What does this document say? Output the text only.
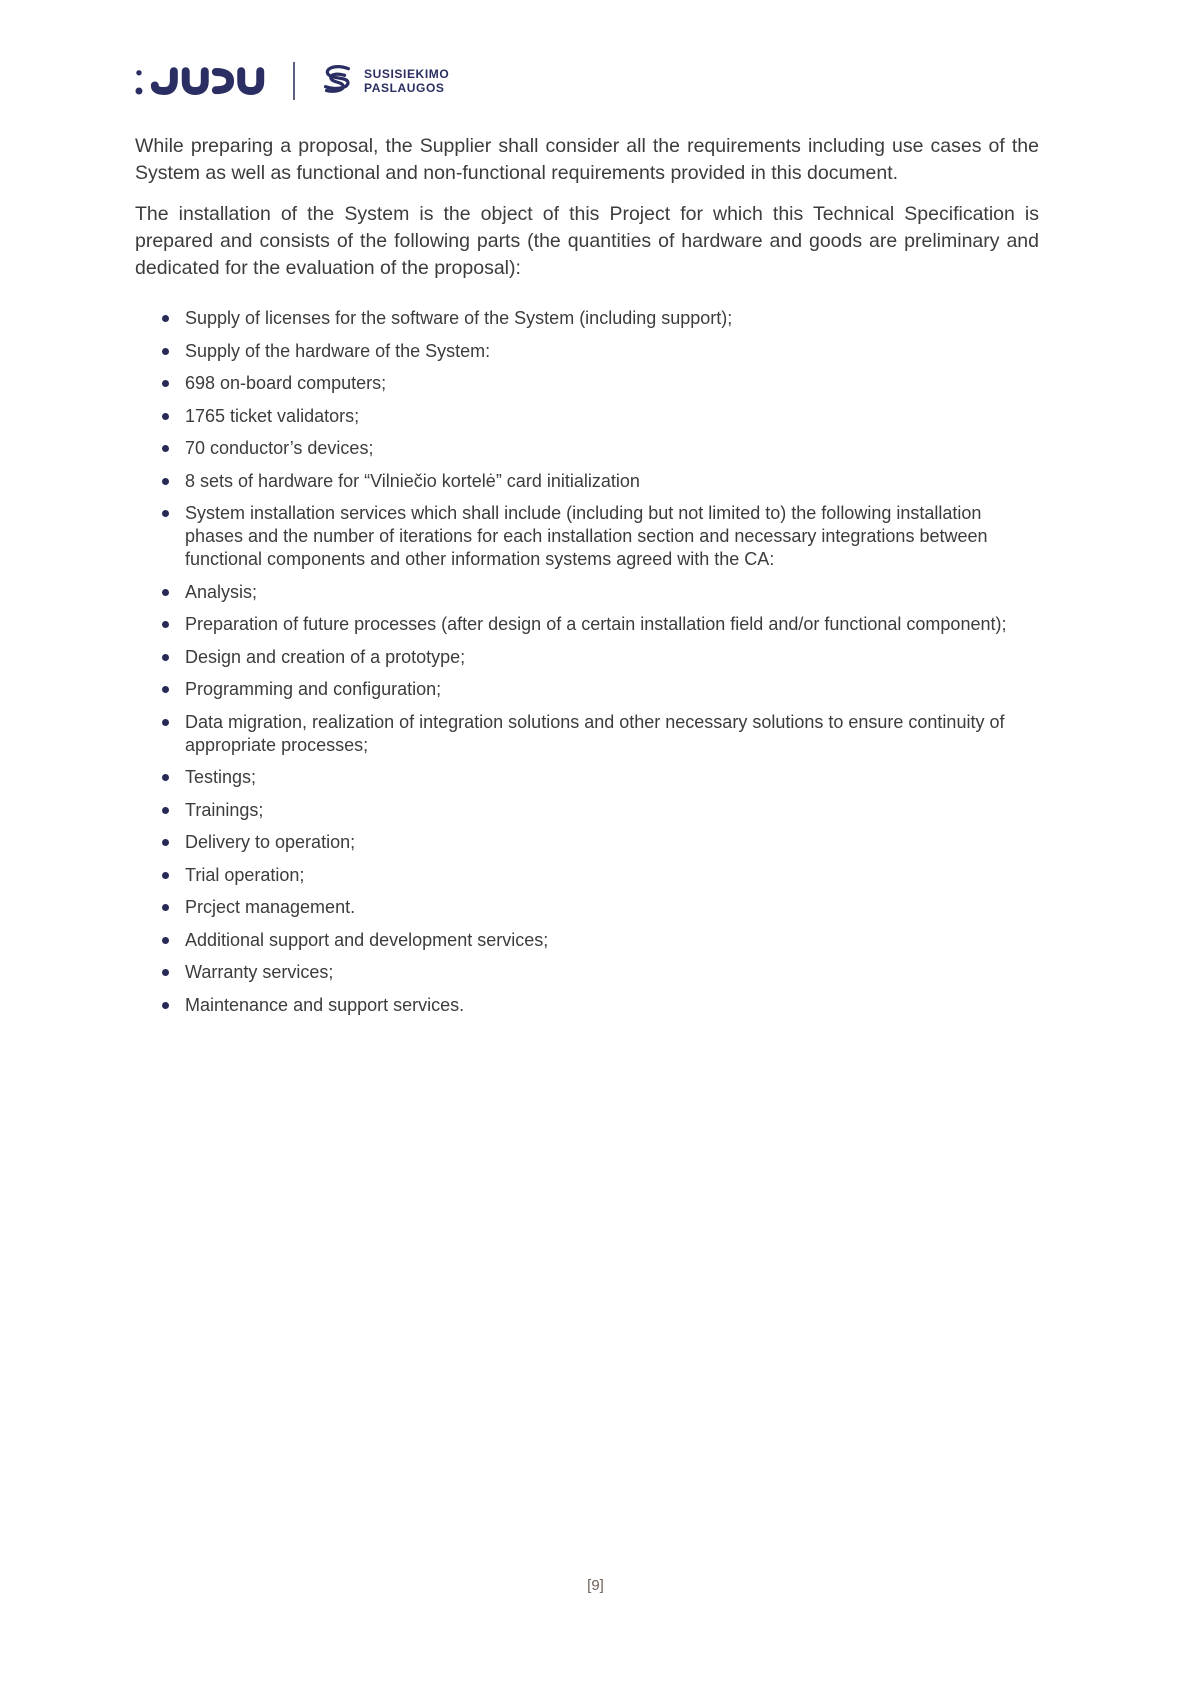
SUSISIEKIMO
PASLAUGOS

While preparing a proposal, the Supplier shall consider all the requirements including use cases of the System as well as functional and non-functional requirements provided in this document.

The installation of the System is the object of this Project for which this Technical Specification is prepared and consists of the following parts (the quantities of hardware and goods are preliminary and dedicated for the evaluation of the proposal):

Supply of licenses for the software of the System (including support);
Supply of the hardware of the System:
698 on-board computers;
1765 ticket validators;
70 conductor’s devices;
8 sets of hardware for “Vilniečio kortelė” card initialization
System installation services which shall include (including but not limited to) the following installation phases and the number of iterations for each installation section and necessary integrations between functional components and other information systems agreed with the CA:
Analysis;
Preparation of future processes (after design of a certain installation field and/or functional component);
Design and creation of a prototype;
Programming and configuration;
Data migration, realization of integration solutions and other necessary solutions to ensure continuity of appropriate processes;
Testings;
Trainings;
Delivery to operation;
Trial operation;
Prcject management.
Additional support and development services;
Warranty services;
Maintenance and support services.
[9]
